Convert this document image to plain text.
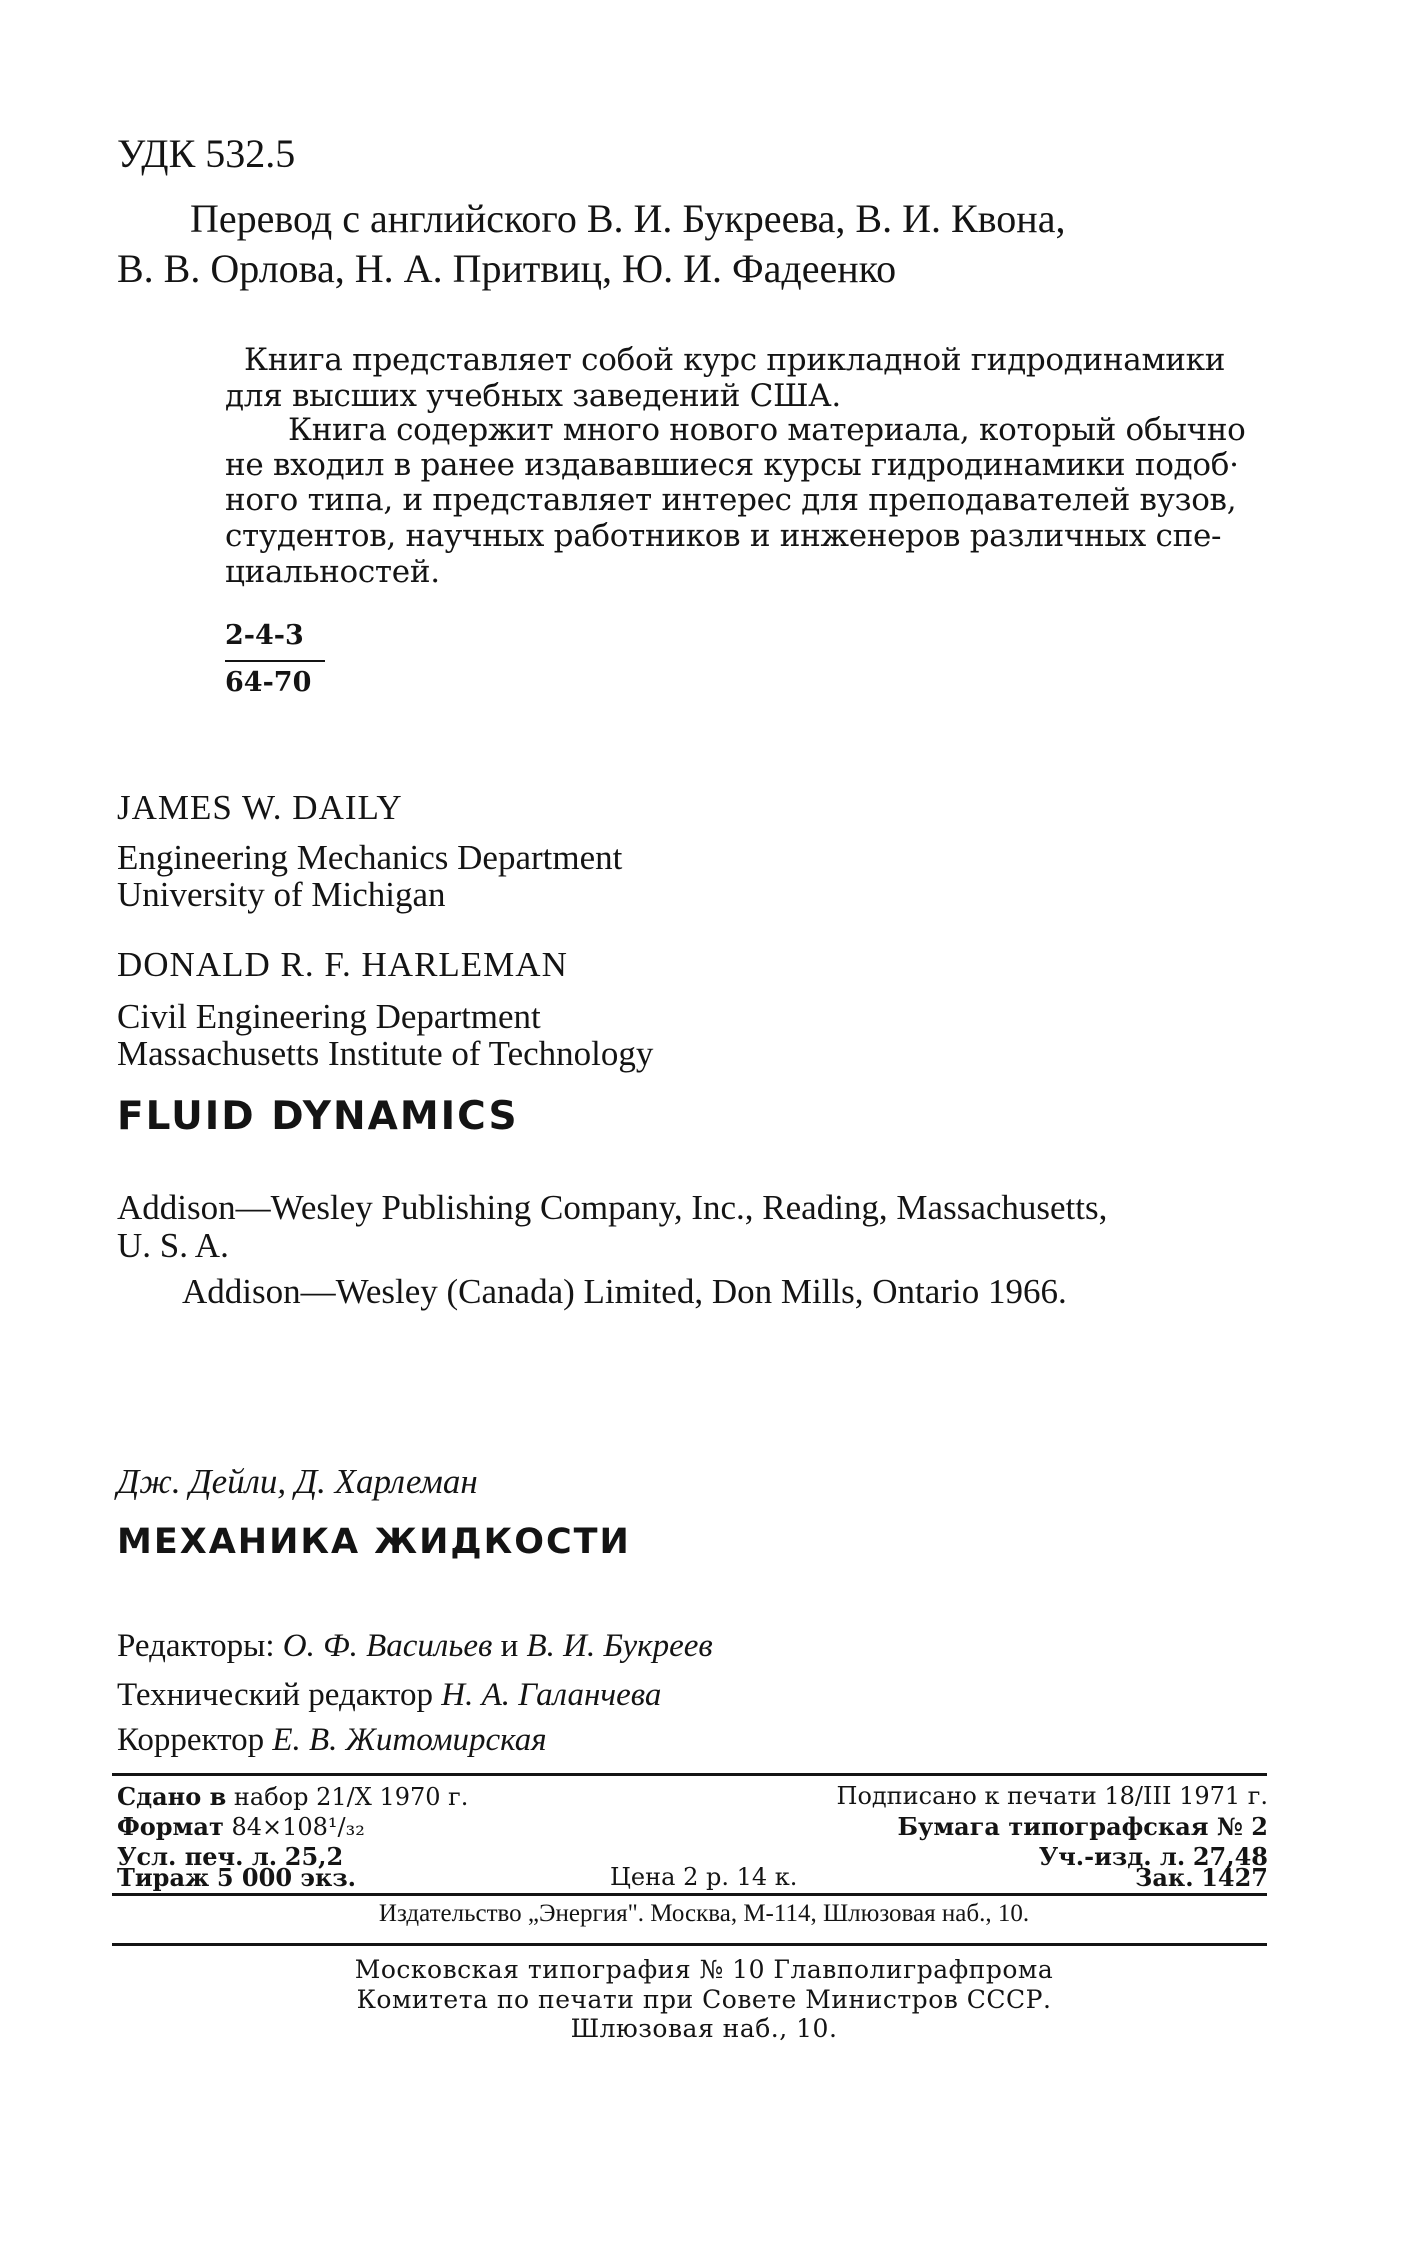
УДК 532.5
Перевод с английского В. И. Букреева, В. И. Квона,
В. В. Орлова, Н. А. Притвиц, Ю. И. Фадеенко
Книга представляет собой курс прикладной гидродинамики
для высших учебных заведений США.
Книга содержит много нового материала, который обычно
не входил в ранее издававшиеся курсы гидродинамики подоб·
ного типа, и представляет интерес для преподавателей вузов,
студентов, научных работников и инженеров различных спе-
циальностей.
2-4-3
64-70
JAMES W. DAILY
Engineering Mechanics Department
University of Michigan
DONALD R. F. HARLEMAN
Civil Engineering Department
Massachusetts Institute of Technology
FLUID DYNAMICS
Addison—Wesley Publishing Company, Inc., Reading, Massachusetts,
U. S. A.
Addison—Wesley (Canada) Limited, Don Mills, Ontario 1966.
Дж. Дейли, Д. Харлеман
МЕХАНИКА ЖИДКОСТИ
Редакторы: О. Ф. Васильев и В. И. Букреев
Технический редактор Н. А. Галанчева
Корректор Е. В. Житомирская
Сдано в набор 21/Х 1970 г.	Подписано к печати 18/III 1971 г.
Формат 84×108¹/₃₂	Бумага типографская № 2
Усл. печ. л. 25,2	Уч.-изд. л. 27,48
Тираж 5 000 экз.	Цена 2 р. 14 к.	Зак. 1427
Издательство „Энергия". Москва, М-114, Шлюзовая наб., 10.
Московская типография № 10 Главполиграфпрома
Комитета по печати при Совете Министров СССР.
Шлюзовая наб., 10.
